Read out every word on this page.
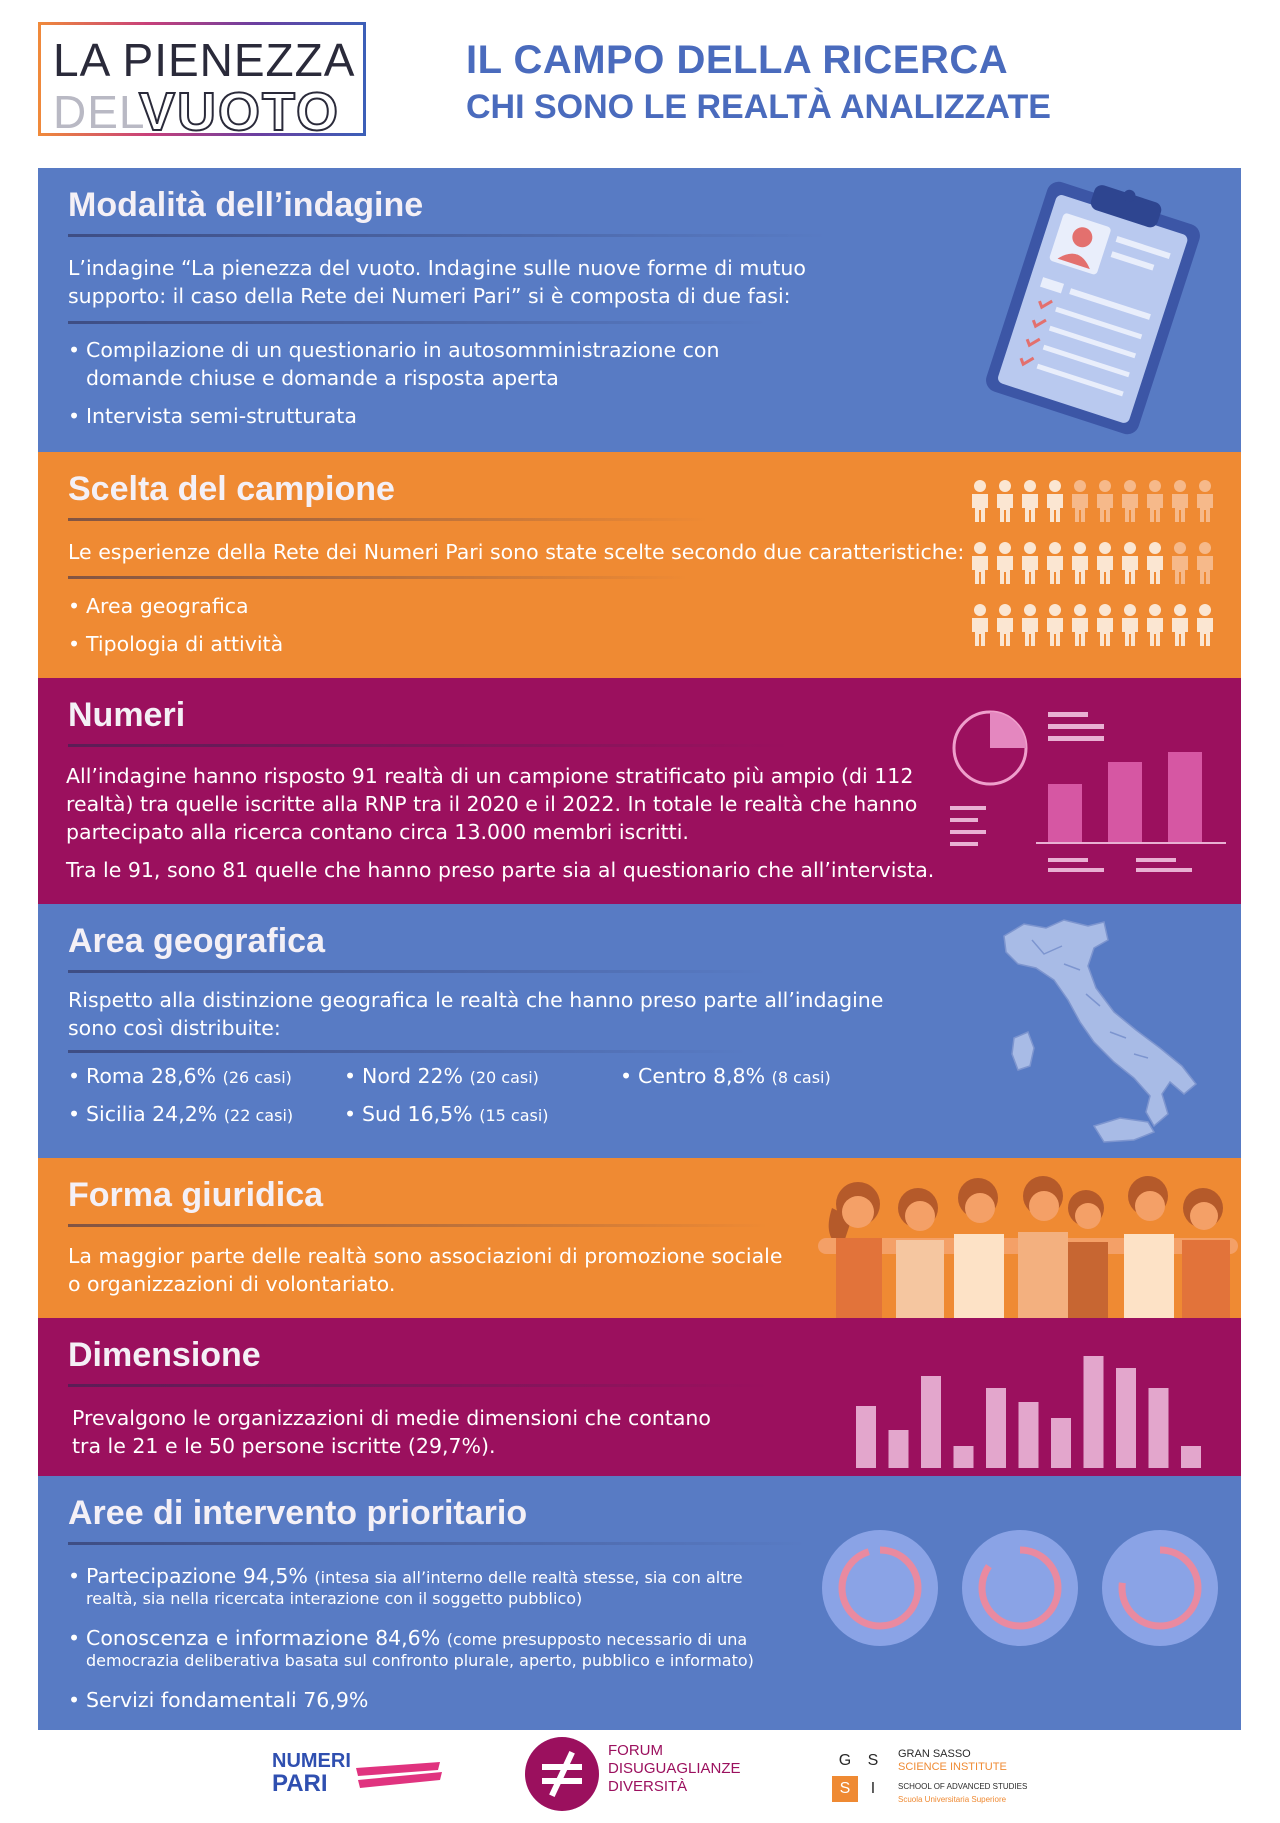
LA PIENEZZA
DEL
VUOTO
IL CAMPO DELLA RICERCA
CHI SONO LE REALTÀ ANALIZZATE
Modalità dell’indagine
L’indagine “La pienezza del vuoto. Indagine sulle nuove forme di mutuo
supporto: il caso della Rete dei Numeri Pari” si è composta di due fasi:
• Compilazione di un questionario in autosomministrazione con
domande chiuse e domande a risposta aperta
• Intervista semi-strutturata
Scelta del campione
Le esperienze della Rete dei Numeri Pari sono state scelte secondo due caratteristiche:
• Area geografica
• Tipologia di attività
Numeri
All’indagine hanno risposto 91 realtà di un campione stratificato più ampio (di 112
realtà) tra quelle iscritte alla RNP tra il 2020 e il 2022. In totale le realtà che hanno
partecipato alla ricerca contano circa 13.000 membri iscritti.
Tra le 91, sono 81 quelle che hanno preso parte sia al questionario che all’intervista.
Area geografica
Rispetto alla distinzione geografica le realtà che hanno preso parte all’indagine
sono così distribuite:
• Roma 28,6% (26 casi)	• Nord 22% (20 casi)	• Centro 8,8% (8 casi)
• Sicilia 24,2% (22 casi) • Sud 16,5% (15 casi)
Forma giuridica
La maggior parte delle realtà sono associazioni di promozione sociale
o organizzazioni di volontariato.
Dimensione
Prevalgono le organizzazioni di medie dimensioni che contano
tra le 21 e le 50 persone iscritte (29,7%).
Aree di intervento prioritario
• Partecipazione 94,5% (intesa sia all’interno delle realtà stesse, sia con altre
realtà, sia nella ricercata interazione con il soggetto pubblico)
• Conoscenza e informazione 84,6% (come presupposto necessario di una
democrazia deliberativa basata sul confronto plurale, aperto, pubblico e informato)
• Servizi fondamentali 76,9%
NUMERI
PARI
FORUM
DISUGUAGLIANZE
DIVERSITÀ
G	S
S	I
GRAN SASSO
SCIENCE INSTITUTE
SCHOOL OF ADVANCED STUDIES
Scuola Universitaria Superiore
